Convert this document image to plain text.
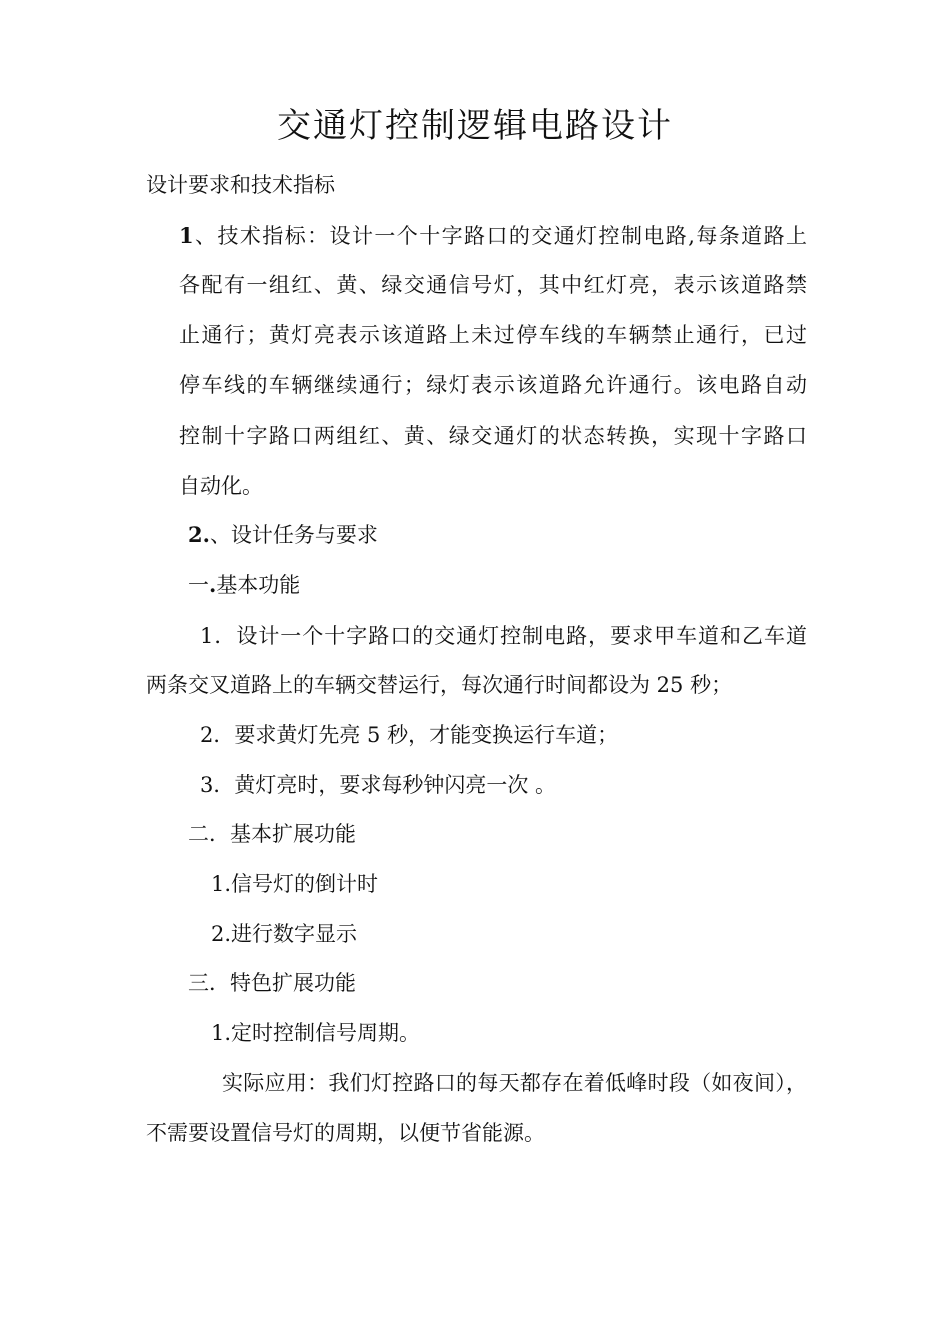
交通灯控制逻辑电路设计
设计要求和技术指标
1、技术指标：设计一个十字路口的交通灯控制电路,每条道路上
各配有一组红、黄、绿交通信号灯，其中红灯亮，表示该道路禁
止通行；黄灯亮表示该道路上未过停车线的车辆禁止通行，已过
停车线的车辆继续通行；绿灯表示该道路允许通行。该电路自动
控制十字路口两组红、黄、绿交通灯的状态转换，实现十字路口
自动化。
2.、设计任务与要求
一.基本功能
1．设计一个十字路口的交通灯控制电路，要求甲车道和乙车道
两条交叉道路上的车辆交替运行，每次通行时间都设为 25 秒；
2．要求黄灯先亮 5 秒，才能变换运行车道；
3．黄灯亮时，要求每秒钟闪亮一次 。
二．基本扩展功能
1.信号灯的倒计时
2.进行数字显示
三．特色扩展功能
1.定时控制信号周期。
实际应用：我们灯控路口的每天都存在着低峰时段（如夜间），
不需要设置信号灯的周期，以便节省能源。
